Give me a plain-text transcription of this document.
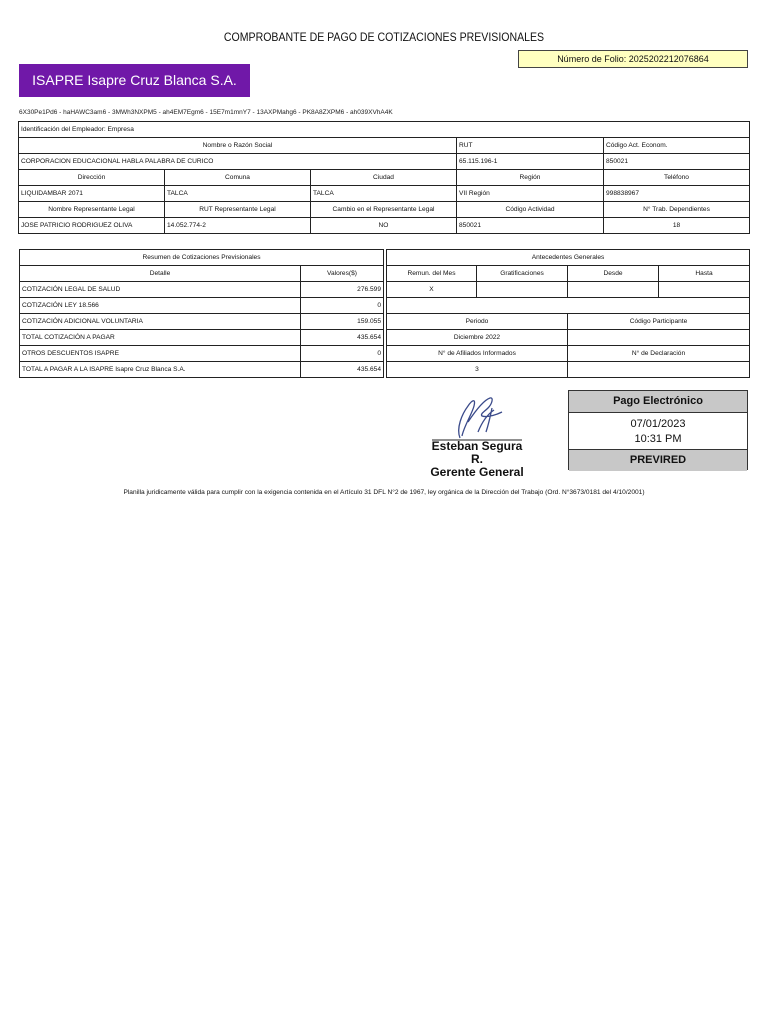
COMPROBANTE DE PAGO DE COTIZACIONES PREVISIONALES
Número de Folio: 2025202212076864
ISAPRE Isapre Cruz Blanca S.A.
6X30Pe1Pd6 - haHAWC3am6 - 3MWh3NXPM5 - ah4EM7Egm6 - 15E7m1mnY7 - 13AXPMahg6 - PK8A8ZXPM6 - ah039XVhA4K
Identificación del Empleador: Empresa				
Nombre o Razón Social			RUT	Código Act. Econom.
CORPORACION EDUCACIONAL HABLA PALABRA DE CURICO			65.115.196-1	850021
Dirección	Comuna	Ciudad	Región	Teléfono
LIQUIDAMBAR 2071	TALCA	TALCA	VII Región	998838967
Nombre Representante Legal	RUT Representante Legal	Cambio en el Representante Legal	Código Actividad	N° Trab. Dependientes
JOSE PATRICIO RODRIGUEZ OLIVA	14.052.774-2	NO	850021	18
Resumen de Cotizaciones Previsionales	
Detalle	Valores($)
COTIZACIÓN LEGAL DE SALUD	276.599
COTIZACIÓN LEY 18.566	0
COTIZACIÓN ADICIONAL VOLUNTARIA	159.055
TOTAL COTIZACIÓN A PAGAR	435.654
OTROS DESCUENTOS ISAPRE	0
TOTAL A PAGAR A LA ISAPRE Isapre Cruz Blanca S.A.	435.654
Antecedentes Generales			
Remun. del Mes	Gratificaciones	Desde	Hasta
X			

Periodo		Código Participante	
Diciembre 2022			
N° de Afiliados Informados		N° de Declaración	
3			
Esteban Segura R.
Gerente General
Pago Electrónico
07/01/2023
10:31 PM
PREVIRED
Planilla juridicamente válida para cumplir con la exigencia contenida en el Artículo 31 DFL N°2 de 1967, ley orgánica de la Dirección del Trabajo (Ord. N°3673/0181 del 4/10/2001)
